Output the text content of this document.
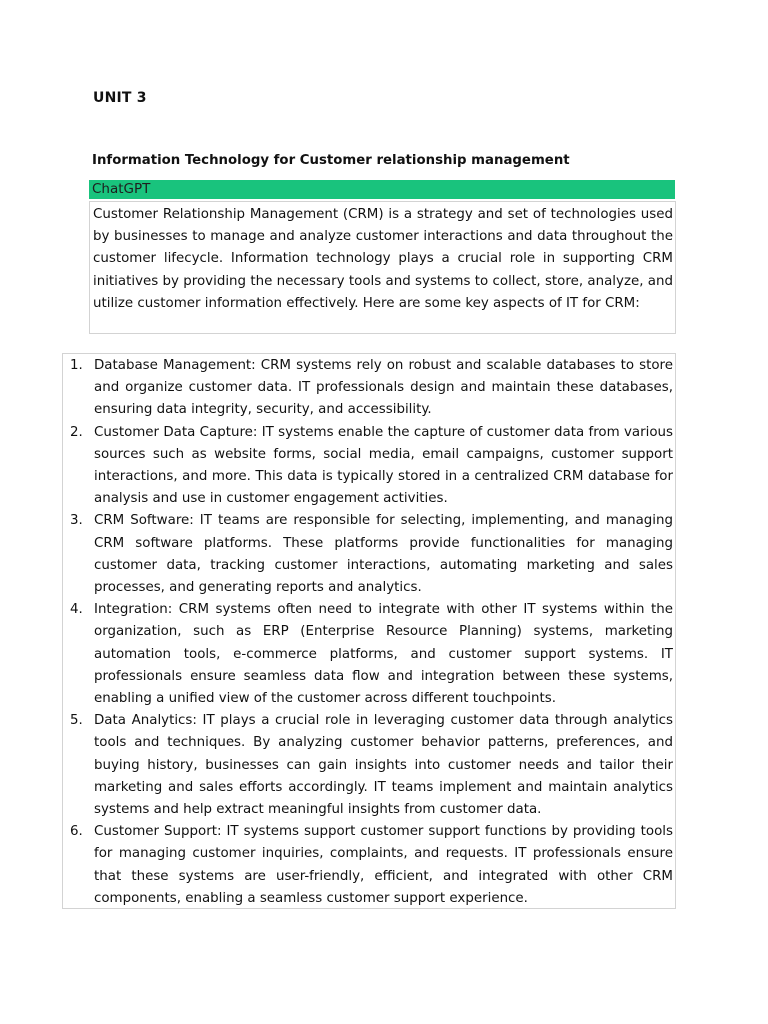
UNIT 3
Information Technology for Customer relationship management
ChatGPT
Customer Relationship Management (CRM) is a strategy and set of technologies used by businesses to manage and analyze customer interactions and data throughout the customer lifecycle. Information technology plays a crucial role in supporting CRM initiatives by providing the necessary tools and systems to collect, store, analyze, and utilize customer information effectively. Here are some key aspects of IT for CRM:
1. Database Management: CRM systems rely on robust and scalable databases to store and organize customer data. IT professionals design and maintain these databases, ensuring data integrity, security, and accessibility.
2. Customer Data Capture: IT systems enable the capture of customer data from various sources such as website forms, social media, email campaigns, customer support interactions, and more. This data is typically stored in a centralized CRM database for analysis and use in customer engagement activities.
3. CRM Software: IT teams are responsible for selecting, implementing, and managing CRM software platforms. These platforms provide functionalities for managing customer data, tracking customer interactions, automating marketing and sales processes, and generating reports and analytics.
4. Integration: CRM systems often need to integrate with other IT systems within the organization, such as ERP (Enterprise Resource Planning) systems, marketing automation tools, e-commerce platforms, and customer support systems. IT professionals ensure seamless data flow and integration between these systems, enabling a unified view of the customer across different touchpoints.
5. Data Analytics: IT plays a crucial role in leveraging customer data through analytics tools and techniques. By analyzing customer behavior patterns, preferences, and buying history, businesses can gain insights into customer needs and tailor their marketing and sales efforts accordingly. IT teams implement and maintain analytics systems and help extract meaningful insights from customer data.
6. Customer Support: IT systems support customer support functions by providing tools for managing customer inquiries, complaints, and requests. IT professionals ensure that these systems are user-friendly, efficient, and integrated with other CRM components, enabling a seamless customer support experience.
